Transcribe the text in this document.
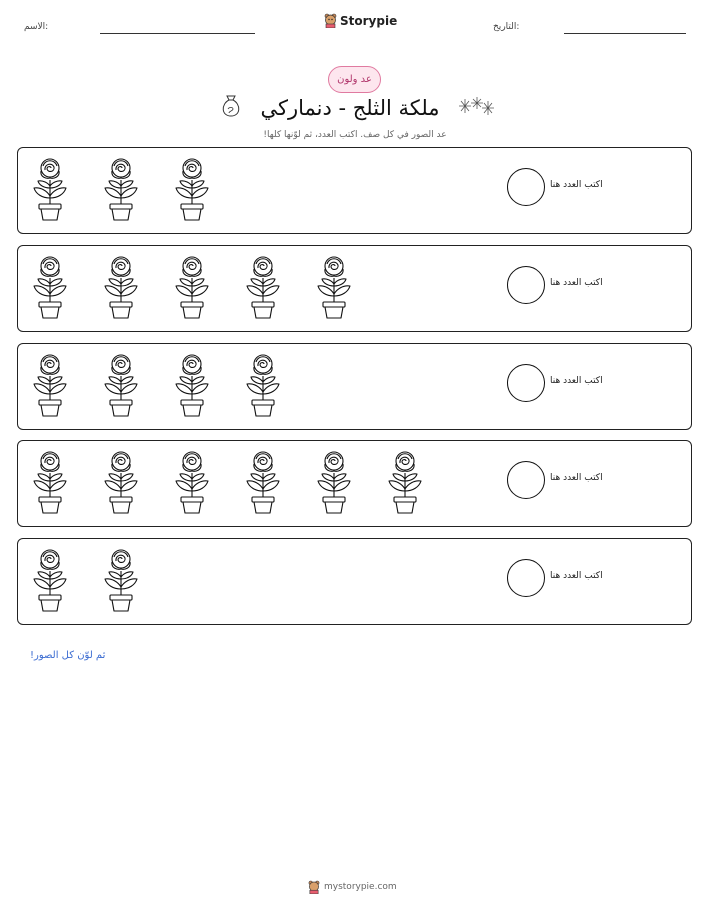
الاسم:	Storypie	التاريخ:
عد ولون
ملكة الثلج - دنماركي
عد الصور في كل صف. اكتب العدد، ثم لوّنها كلها!
اكتب العدد هنا
اكتب العدد هنا
اكتب العدد هنا
اكتب العدد هنا
اكتب العدد هنا
ثم لوّن كل الصور!
mystorypie.com
